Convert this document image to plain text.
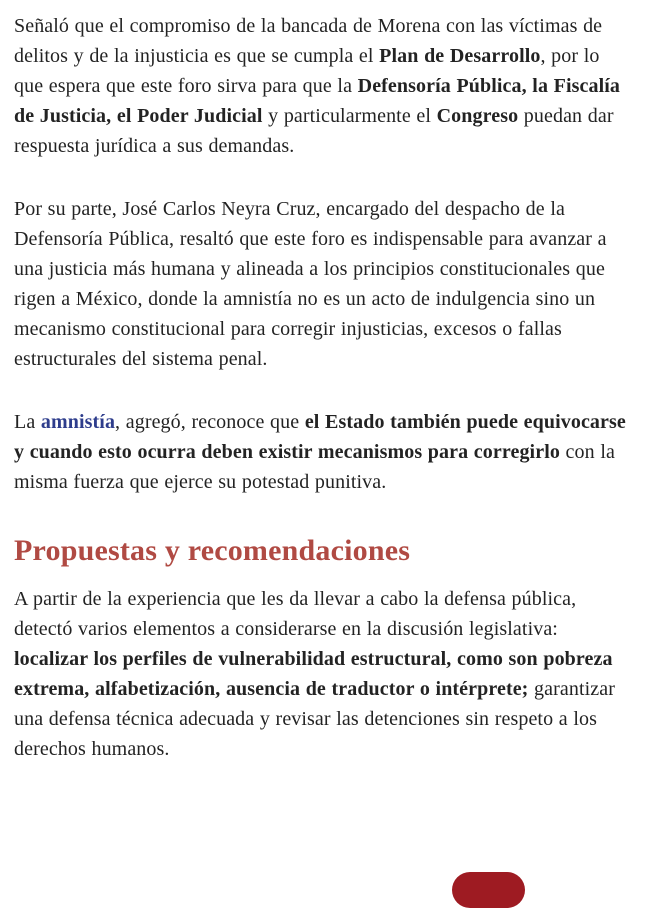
Señaló que el compromiso de la bancada de Morena con las víctimas de delitos y de la injusticia es que se cumpla el Plan de Desarrollo, por lo que espera que este foro sirva para que la Defensoría Pública, la Fiscalía de Justicia, el Poder Judicial y particularmente el Congreso puedan dar respuesta jurídica a sus demandas.

Por su parte, José Carlos Neyra Cruz, encargado del despacho de la Defensoría Pública, resaltó que este foro es indispensable para avanzar a una justicia más humana y alineada a los principios constitucionales que rigen a México, donde la amnistía no es un acto de indulgencia sino un mecanismo constitucional para corregir injusticias, excesos o fallas estructurales del sistema penal.

La amnistía, agregó, reconoce que el Estado también puede equivocarse y cuando esto ocurra deben existir mecanismos para corregirlo con la misma fuerza que ejerce su potestad punitiva.

Propuestas y recomendaciones

A partir de la experiencia que les da llevar a cabo la defensa pública, detectó varios elementos a considerarse en la discusión legislativa: localizar los perfiles de vulnerabilidad estructural, como son pobreza extrema, alfabetización, ausencia de traductor o intérprete; garantizar una defensa técnica adecuada y revisar las detenciones sin respeto a los derechos humanos.
